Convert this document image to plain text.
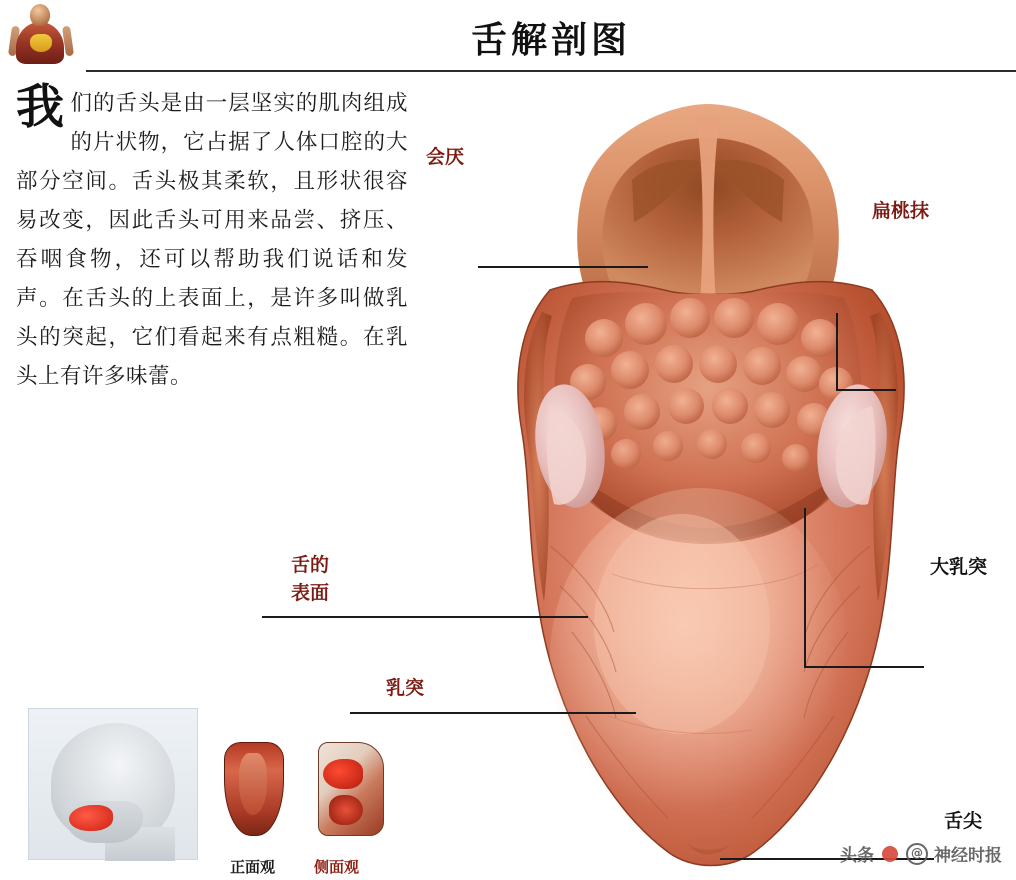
舌解剖图

我们的舌头是由一层坚实的肌肉组成的片状物，它占据了人体口腔的大部分空间。舌头极其柔软，且形状很容易改变，因此舌头可用来品尝、挤压、吞咽食物，还可以帮助我们说话和发声。在舌头的上表面上，是许多叫做乳头的突起，它们看起来有点粗糙。在乳头上有许多味蕾。

会厌
扁桃抹
舌的
表面
乳突
大乳突
舌尖
正面观	侧面观
头条	@ 神经时报
